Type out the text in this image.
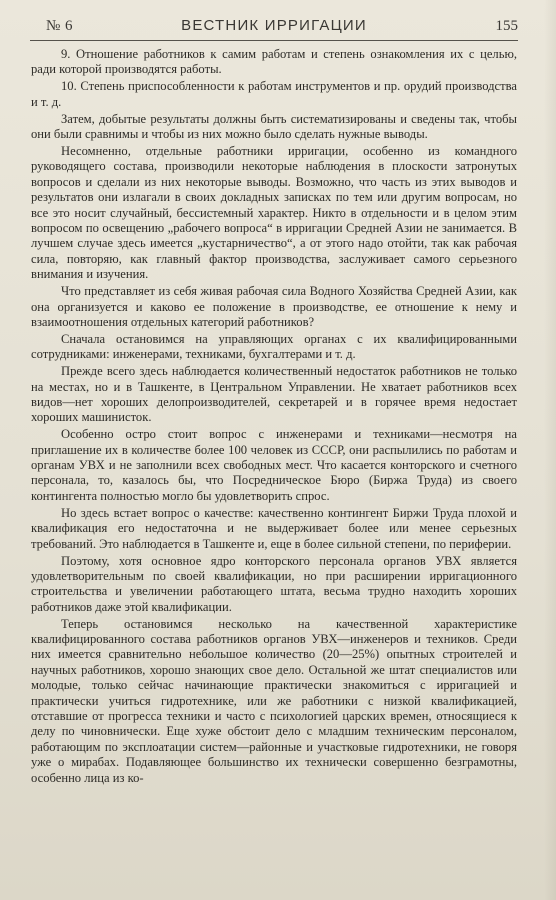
№ 6	ВЕСТНИК ИРРИГАЦИИ	155

9. Отношение работников к самим работам и степень ознакомления их с целью, ради которой производятся работы.

10. Степень приспособленности к работам инструментов и пр. орудий производства и т. д.

Затем, добытые результаты должны быть систематизированы и сведены так, чтобы они были сравнимы и чтобы из них можно было сделать нужные выводы.

Несомненно, отдельные работники ирригации, особенно из командного руководящего состава, производили некоторые наблюдения в плоскости затронутых вопросов и сделали из них некоторые выводы. Возможно, что часть из этих выводов и результатов они излагали в своих докладных записках по тем или другим вопросам, но все это носит случайный, бессистемный характер. Никто в отдельности и в целом этим вопросом по освещению „рабочего вопроса“ в ирригации Средней Азии не занимается. В лучшем случае здесь имеется „кустарничество“, а от этого надо отойти, так как рабочая сила, повторяю, как главный фактор производства, заслуживает самого серьезного внимания и изучения.

Что представляет из себя живая рабочая сила Водного Хозяйства Средней Азии, как она организуется и каково ее положение в производстве, ее отношение к нему и взаимоотношения отдельных категорий работников?

Сначала остановимся на управляющих органах с их квалифицированными сотрудниками: инженерами, техниками, бухгалтерами и т. д.

Прежде всего здесь наблюдается количественный недостаток работников не только на местах, но и в Ташкенте, в Центральном Управлении. Не хватает работников всех видов—нет хороших делопроизводителей, секретарей и в горячее время недостает хороших машинисток.

Особенно остро стоит вопрос с инженерами и техниками—несмотря на приглашение их в количестве более 100 человек из СССР, они распылились по работам и органам УВХ и не заполнили всех свободных мест. Что касается конторского и счетного персонала, то, казалось бы, что Посредническое Бюро (Биржа Труда) из своего контингента полностью могло бы удовлетворить спрос.

Но здесь встает вопрос о качестве: качественно контингент Биржи Труда плохой и квалификация его недостаточна и не выдерживает более или менее серьезных требований. Это наблюдается в Ташкенте и, еще в более сильной степени, по периферии.

Поэтому, хотя основное ядро конторского персонала органов УВХ является удовлетворительным по своей квалификации, но при расширении ирригационного строительства и увеличении работающего штата, весьма трудно находить хороших работников даже этой квалификации.

Теперь остановимся несколько на качественной характеристике квалифицированного состава работников органов УВХ—инженеров и техников. Среди них имеется сравнительно небольшое количество (20—25%) опытных строителей и научных работников, хорошо знающих свое дело. Остальной же штат специалистов или молодые, только сейчас начинающие практически знакомиться с ирригацией и практически учиться гидротехнике, или же работники с низкой квалификацией, отставшие от прогресса техники и часто с психологией царских времен, относящиеся к делу по чиновнически. Еще хуже обстоит дело с младшим техническим персоналом, работающим по эксплоатации систем—районные и участковые гидротехники, не говоря уже о мирабах. Подавляющее большинство их технически совершенно безграмотны, особенно лица из ко-
